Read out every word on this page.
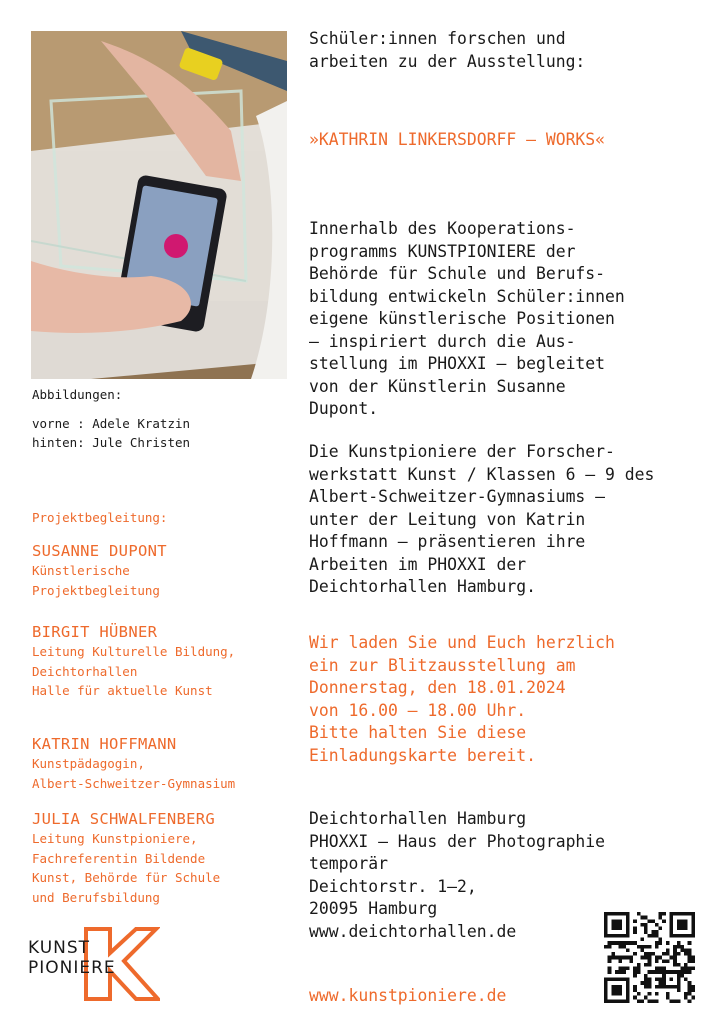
Abbildungen:
vorne : Adele Kratzin
hinten: Jule Christen
Projektbegleitung:
SUSANNE DUPONT
Künstlerische
Projektbegleitung
BIRGIT HÜBNER
Leitung Kulturelle Bildung,
Deichtorhallen
Halle für aktuelle Kunst
KATRIN HOFFMANN
Kunstpädagogin,
Albert-Schweitzer-Gymnasium
JULIA SCHWALFENBERG
Leitung Kunstpioniere,
Fachreferentin Bildende
Kunst, Behörde für Schule
und Berufsbildung
KUNST
PIONIERE
Schüler:innen forschen und
arbeiten zu der Ausstellung:
»KATHRIN LINKERSDORFF – WORKS«
Innerhalb des Kooperations-
programms KUNSTPIONIERE der
Behörde für Schule und Berufs-
bildung entwickeln Schüler:innen
eigene künstlerische Positionen
– inspiriert durch die Aus-
stellung im PHOXXI – begleitet
von der Künstlerin Susanne
Dupont.
Die Kunstpioniere der Forscher-
werkstatt Kunst / Klassen 6 – 9 des
Albert-Schweitzer-Gymnasiums –
unter der Leitung von Katrin
Hoffmann – präsentieren ihre
Arbeiten im PHOXXI der
Deichtorhallen Hamburg.
Wir laden Sie und Euch herzlich
ein zur Blitzausstellung am
Donnerstag, den 18.01.2024
von 16.00 – 18.00 Uhr.
Bitte halten Sie diese
Einladungskarte bereit.
Deichtorhallen Hamburg
PHOXXI – Haus der Photographie
temporär
Deichtorstr. 1–2,
20095 Hamburg
www.deichtorhallen.de
www.kunstpioniere.de
